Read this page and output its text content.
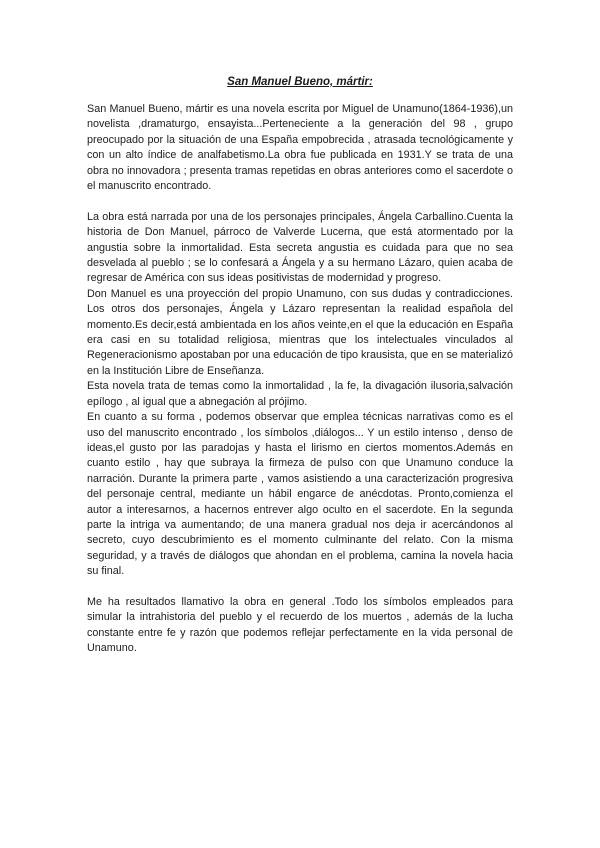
San Manuel Bueno, mártir:

San Manuel Bueno, mártir es una novela escrita por Miguel de Unamuno(1864-1936),un novelista ,dramaturgo, ensayista...Perteneciente a la generación del 98 , grupo preocupado por la situación de una España empobrecida , atrasada tecnológicamente y con un alto índice de analfabetismo.La obra fue publicada en 1931.Y se trata de una obra no innovadora ; presenta tramas repetidas en obras anteriores como el sacerdote o el manuscrito encontrado.

La obra está narrada por una de los personajes principales, Ángela Carballino.Cuenta la historia de Don Manuel, párroco de Valverde Lucerna, que está atormentado por la angustia sobre la inmortalidad. Esta secreta angustia es cuidada para que no sea desvelada al pueblo ; se lo confesará a Ángela y a su hermano Lázaro, quien acaba de regresar de América con sus ideas positivistas de modernidad y progreso.

Don Manuel es una proyección del propio Unamuno, con sus dudas y contradicciones. Los otros dos personajes, Ángela y Lázaro representan la realidad española del momento.Es decir,está ambientada en los años veinte,en el que la educación en España era casi en su totalidad religiosa, mientras que los intelectuales vinculados al Regeneracionismo apostaban por una educación de tipo krausista, que en se materializó en la Institución Libre de Enseñanza.

Esta novela trata de temas como la inmortalidad , la fe, la divagación ilusoria,salvación epílogo , al igual que a abnegación al prójimo.

En cuanto a su forma , podemos observar que emplea técnicas narrativas como es el uso del manuscrito encontrado , los símbolos ,diálogos... Y un estilo intenso , denso de ideas,el gusto por las paradojas y hasta el lirismo en ciertos momentos.Además en cuanto estilo , hay que subraya la firmeza de pulso con que Unamuno conduce la narración. Durante la primera parte , vamos asistiendo a una caracterización progresiva del personaje central, mediante un hábil engarce de anécdotas. Pronto,comienza el autor a interesarnos, a hacernos entrever algo oculto en el sacerdote. En la segunda parte la intriga va aumentando; de una manera gradual nos deja ir acercándonos al secreto, cuyo descubrimiento es el momento culminante del relato. Con la misma seguridad, y a través de diálogos que ahondan en el problema, camina la novela hacia su final.

Me ha resultados llamativo la obra en general .Todo los símbolos empleados para simular la intrahistoria del pueblo y el recuerdo de los muertos , además de la lucha constante entre fe y razón que podemos reflejar perfectamente en la vida personal de Unamuno.
